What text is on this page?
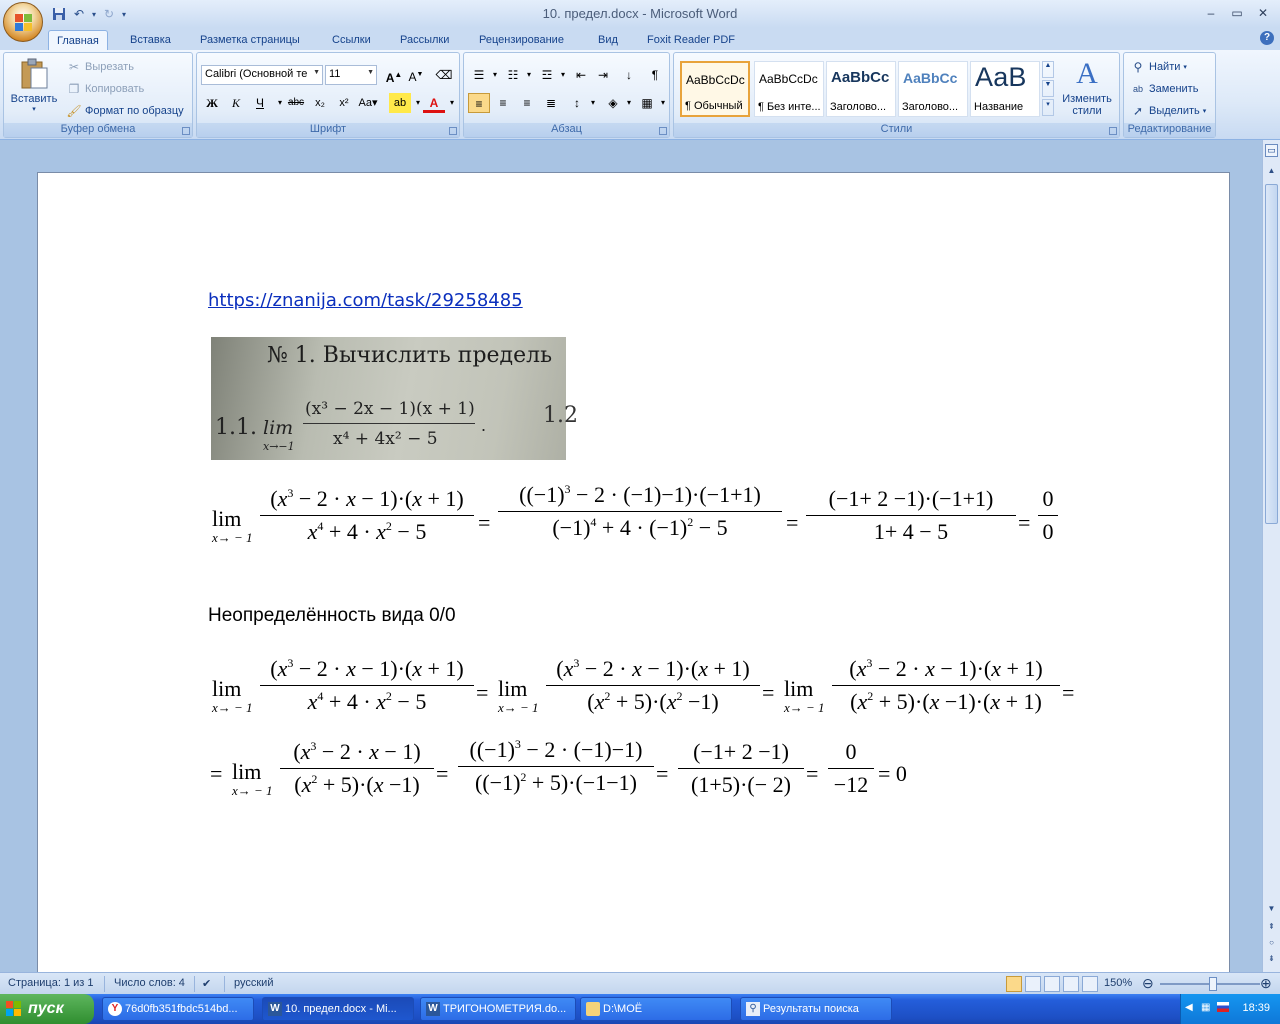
10. предел.docx - Microsoft Word
↶ ▾ ↻ ▾	–	▭	✕
Главная	Вставка	Разметка страницы	Ссылки	Рассылки	Рецензирование	Вид	Foxit Reader PDF	?
Вставить
▾
✂ Вырезать
❐ Копировать
🖌 Формат по образцу
Буфер обмена
Calibri (Основной те ▼ 11	▼ A▲ A▼ ⌫
Ж	К	Ч	▾ abc	x₂	x² Aa▾	ab	▾ A	▾
Шрифт
☰	▾ ☷	▾ ☲	▾ ⇤ ⇥	↓	¶
≡	≡	≡	≣	↕	▾	◈	▾ ▦	▾
Абзац
AaBbCcDc
¶ Обычный
AaBbCcDc
¶ Без инте...
AaBbCс
Заголово...
AaBbCc
Заголово...
АаВ
Название
▲
▼
▾
A
Изменить
стили
Стили
⚲ Найти ▾
ab Заменить
➚ Выделить ▾
Редактирование
https://znanija.com/task/29258485
№ 1. Вычислить предель
1.1. lim
x→−1
(x³ − 2x − 1)(x + 1)
x⁴ + 4x² − 5
.	1.2
lim
x→ − 1
$(x^3 - 2 \cdot x - 1)\cdot(x + 1)$
$x^4 + 4 \cdot x^2 - 5$	=
$((-1)^3 - 2 \cdot (-1)-1)\cdot(-1+1)$
$(-1)^4 + 4 \cdot (-1)^2 - 5$	=
(−1+ 2 −1)·(−1+1)
1+ 4 − 5	=
0
0
Неопределённость вида 0/0
lim
x→ − 1
$(x^3 - 2 \cdot x - 1)\cdot(x + 1)$
$x^4 + 4 \cdot x^2 - 5$	= lim
x→ − 1
$(x^3 - 2 \cdot x - 1)\cdot(x + 1)$
$(x^2 + 5)\cdot(x^2 -1)$	= lim
x→ − 1
$(x^3 - 2 \cdot x - 1)\cdot(x + 1)$
$(x^2 + 5)\cdot(x -1)\cdot(x + 1)$ =
= lim
x→ − 1
$(x^3 - 2 \cdot x - 1)$
$(x^2 + 5)\cdot(x -1)$ =
$((-1)^3 - 2 \cdot (-1)-1)$
$((-1)^2 + 5)\cdot(-1-1)$ =
(−1+ 2 −1)
(1+5)·(− 2) =
0
−12 = 0
▭
▲
▼
⇞
○
⇟
Страница: 1 из 1 Число слов: 4 ✔ русский	150% ⊖	⊕
пуск	Y 76d0fb351fbdc514bd...	W 10. предел.docx - Mi...	W ТРИГОНОМЕТРИЯ.do...	D:\МОЁ	⚲ Результаты поиска	◀ ▦	18:39
